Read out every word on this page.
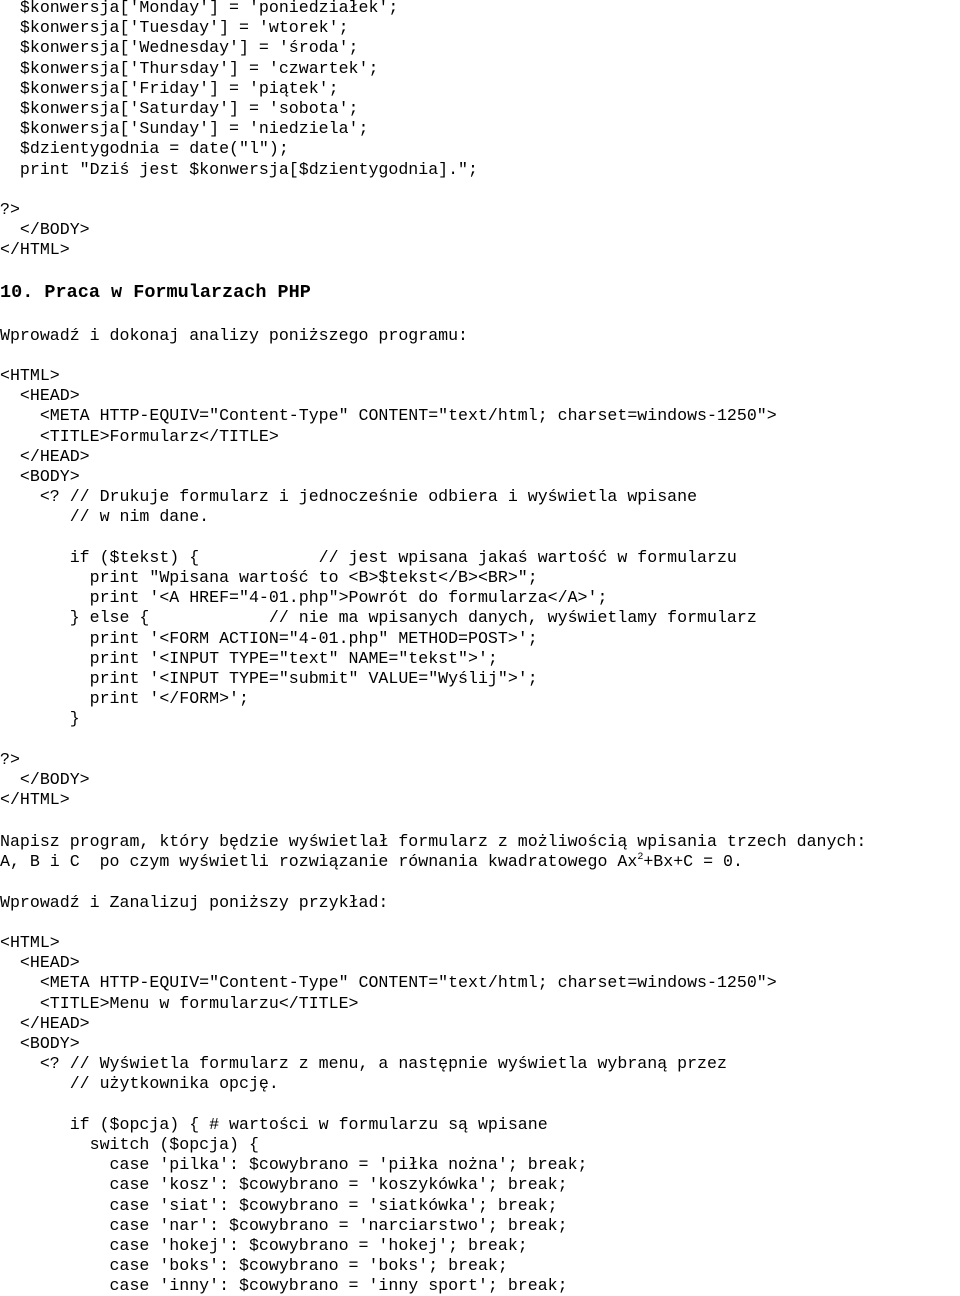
$konwersja['Monday'] = 'poniedziałek';
$konwersja['Tuesday'] = 'wtorek';
$konwersja['Wednesday'] = 'środa';
$konwersja['Thursday'] = 'czwartek';
$konwersja['Friday'] = 'piątek';
$konwersja['Saturday'] = 'sobota';
$konwersja['Sunday'] = 'niedziela';
$dzientygodnia = date("l");
print "Dziś jest $konwersja[$dzientygodnia].";
?>
</BODY>
</HTML>
10. Praca w Formularzach PHP
Wprowadź i dokonaj analizy poniższego programu:
<HTML>
<HEAD>
<META HTTP-EQUIV="Content-Type" CONTENT="text/html; charset=windows-1250">
<TITLE>Formularz</TITLE>
</HEAD>
<BODY>
<? // Drukuje formularz i jednocześnie odbiera i wyświetla wpisane
// w nim dane.
if ($tekst) {            // jest wpisana jakaś wartość w formularzu
print "Wpisana wartość to <B>$tekst</B><BR>";
print '<A HREF="4-01.php">Powrót do formularza</A>';
} else {            // nie ma wpisanych danych, wyświetlamy formularz
print '<FORM ACTION="4-01.php" METHOD=POST>';
print '<INPUT TYPE="text" NAME="tekst">';
print '<INPUT TYPE="submit" VALUE="Wyślij">';
print '</FORM>';
}
?>
</BODY>
</HTML>
Napisz program, który będzie wyświetlał formularz z możliwością wpisania trzech danych:
A, B i C  po czym wyświetli rozwiązanie równania kwadratowego $Ax^2+Bx+C = 0$.
Wprowadź i Zanalizuj poniższy przykład:
<HTML>
<HEAD>
<META HTTP-EQUIV="Content-Type" CONTENT="text/html; charset=windows-1250">
<TITLE>Menu w formularzu</TITLE>
</HEAD>
<BODY>
<? // Wyświetla formularz z menu, a następnie wyświetla wybraną przez
// użytkownika opcję.
if ($opcja) { # wartości w formularzu są wpisane
switch ($opcja) {
case 'pilka': $cowybrano = 'piłka nożna'; break;
case 'kosz': $cowybrano = 'koszykówka'; break;
case 'siat': $cowybrano = 'siatkówka'; break;
case 'nar': $cowybrano = 'narciarstwo'; break;
case 'hokej': $cowybrano = 'hokej'; break;
case 'boks': $cowybrano = 'boks'; break;
case 'inny': $cowybrano = 'inny sport'; break;
